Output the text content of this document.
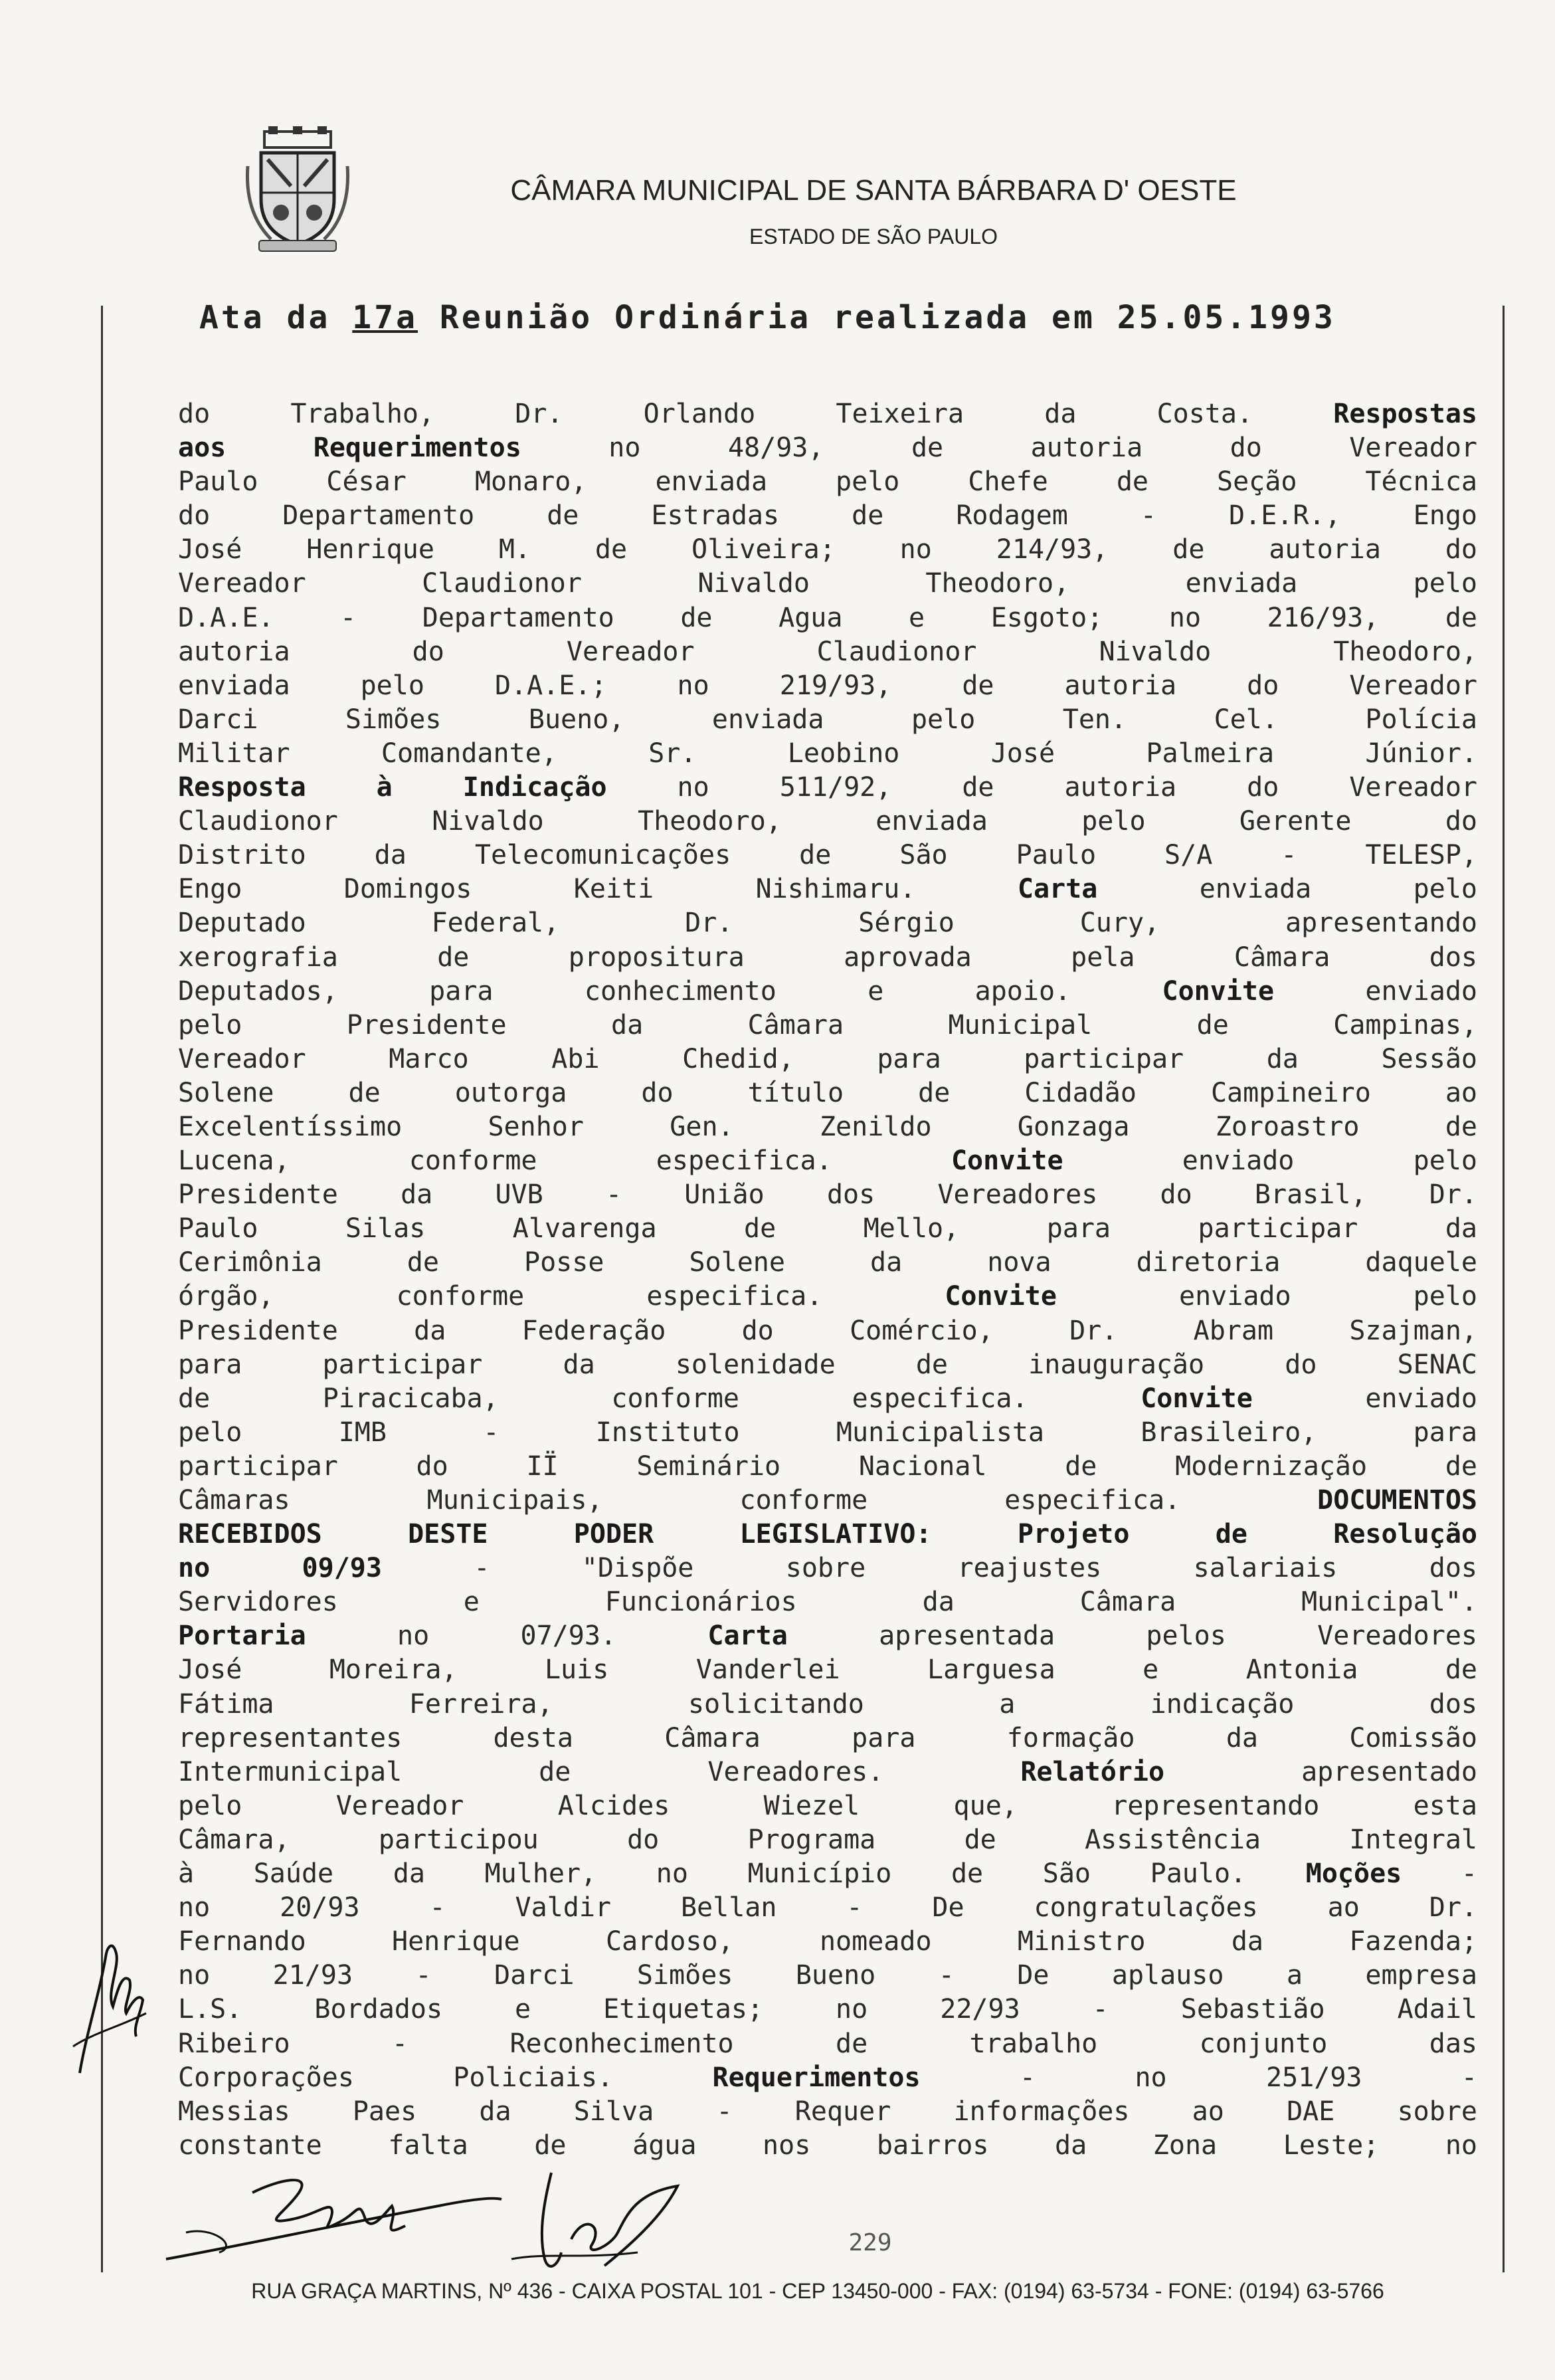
CÂMARA MUNICIPAL DE SANTA BÁRBARA D' OESTE
ESTADO DE SÃO PAULO
Ata da 17a Reunião Ordinária realizada em 25.05.1993
do Trabalho, Dr. Orlando Teixeira da Costa. Respostas
aos Requerimentos no 48/93, de autoria do Vereador
Paulo César Monaro, enviada pelo Chefe de Seção Técnica
do Departamento de Estradas de Rodagem - D.E.R., Engo
José Henrique M. de Oliveira; no 214/93, de autoria do
Vereador Claudionor Nivaldo Theodoro, enviada pelo
D.A.E. - Departamento de Agua e Esgoto; no 216/93, de
autoria do Vereador Claudionor Nivaldo Theodoro,
enviada pelo D.A.E.; no 219/93, de autoria do Vereador
Darci Simões Bueno, enviada pelo Ten. Cel. Polícia
Militar Comandante, Sr. Leobino José Palmeira Júnior.
Resposta à Indicação no 511/92, de autoria do Vereador
Claudionor Nivaldo Theodoro, enviada pelo Gerente do
Distrito da Telecomunicações de São Paulo S/A - TELESP,
Engo Domingos Keiti Nishimaru. Carta enviada pelo
Deputado Federal, Dr. Sérgio Cury, apresentando
xerografia de propositura aprovada pela Câmara dos
Deputados, para conhecimento e apoio. Convite enviado
pelo Presidente da Câmara Municipal de Campinas,
Vereador Marco Abi Chedid, para participar da Sessão
Solene de outorga do título de Cidadão Campineiro ao
Excelentíssimo Senhor Gen. Zenildo Gonzaga Zoroastro de
Lucena, conforme especifica. Convite enviado pelo
Presidente da UVB - União dos Vereadores do Brasil, Dr.
Paulo Silas Alvarenga de Mello, para participar da
Cerimônia de Posse Solene da nova diretoria daquele
órgão, conforme especifica. Convite enviado pelo
Presidente da Federação do Comércio, Dr. Abram Szajman,
para participar da solenidade de inauguração do SENAC
de Piracicaba, conforme especifica. Convite enviado
pelo IMB - Instituto Municipalista Brasileiro, para
participar do IÏ Seminário Nacional de Modernização de
Câmaras Municipais, conforme especifica. DOCUMENTOS
RECEBIDOS DESTE PODER LEGISLATIVO: Projeto de Resolução
no 09/93 - "Dispõe sobre reajustes salariais dos
Servidores e Funcionários da Câmara Municipal".
Portaria no 07/93. Carta apresentada pelos Vereadores
José Moreira, Luis Vanderlei Larguesa e Antonia de
Fátima Ferreira, solicitando a indicação dos
representantes desta Câmara para formação da Comissão
Intermunicipal de Vereadores. Relatório apresentado
pelo Vereador Alcides Wiezel que, representando esta
Câmara, participou do Programa de Assistência Integral
à Saúde da Mulher, no Município de São Paulo. Moções -
no 20/93 - Valdir Bellan - De congratulações ao Dr.
Fernando Henrique Cardoso, nomeado Ministro da Fazenda;
no 21/93 - Darci Simões Bueno - De aplauso a empresa
L.S. Bordados e Etiquetas; no 22/93 - Sebastião Adail
Ribeiro - Reconhecimento de trabalho conjunto das
Corporações Policiais. Requerimentos - no 251/93 -
Messias Paes da Silva - Requer informações ao DAE sobre
constante falta de água nos bairros da Zona Leste; no
229
RUA GRAÇA MARTINS, Nº 436 - CAIXA POSTAL 101 - CEP 13450-000 - FAX: (0194) 63-5734 - FONE: (0194) 63-5766
